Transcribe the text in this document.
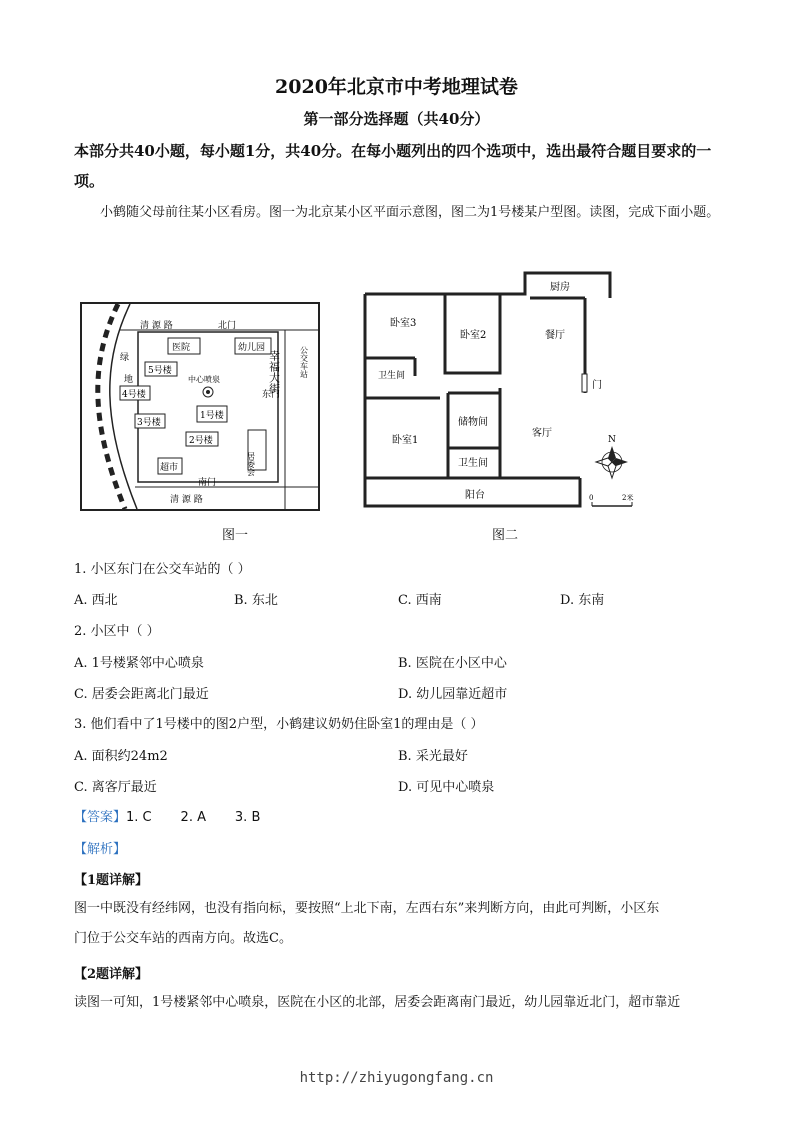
2020年北京市中考地理试卷
第一部分选择题（共40分）
本部分共40小题，每小题1分，共40分。在每小题列出的四个选项中，选出最符合题目要求的一项。
小鹤随父母前往某小区看房。图一为北京某小区平面示意图，图二为1号楼某户型图。读图，完成下面小题。
清 源 路	北门
医院	幼儿园
绿
地
5号楼
4号楼
3号楼
1号楼
2号楼
中心喷泉
居委会
超市
南门
清 源 路
东门
幸福大街 公交车站
图一
厨房
卧室3
卧室2	餐厅
卫生间
门
储物间
卧室1
客厅
卫生间
阳台
N
0	2米
图二
1. 小区东门在公交车站的（ ）
A. 西北	B. 东北	C. 西南	D. 东南
2. 小区中（ ）
A. 1号楼紧邻中心喷泉	B. 医院在小区中心
C. 居委会距离北门最近	D. 幼儿园靠近超市
3. 他们看中了1号楼中的图2户型，小鹤建议奶奶住卧室1的理由是（ ）
A. 面积约24m2	B. 采光最好
C. 离客厅最近	D. 可见中心喷泉
【答案】1. C       2. A       3. B
【解析】
【1题详解】
图一中既没有经纬网，也没有指向标，要按照“上北下南，左西右东”来判断方向，由此可判断，小区东
门位于公交车站的西南方向。故选C。
【2题详解】
读图一可知，1号楼紧邻中心喷泉，医院在小区的北部，居委会距离南门最近，幼儿园靠近北门，超市靠近
http://zhiyugongfang.cn
